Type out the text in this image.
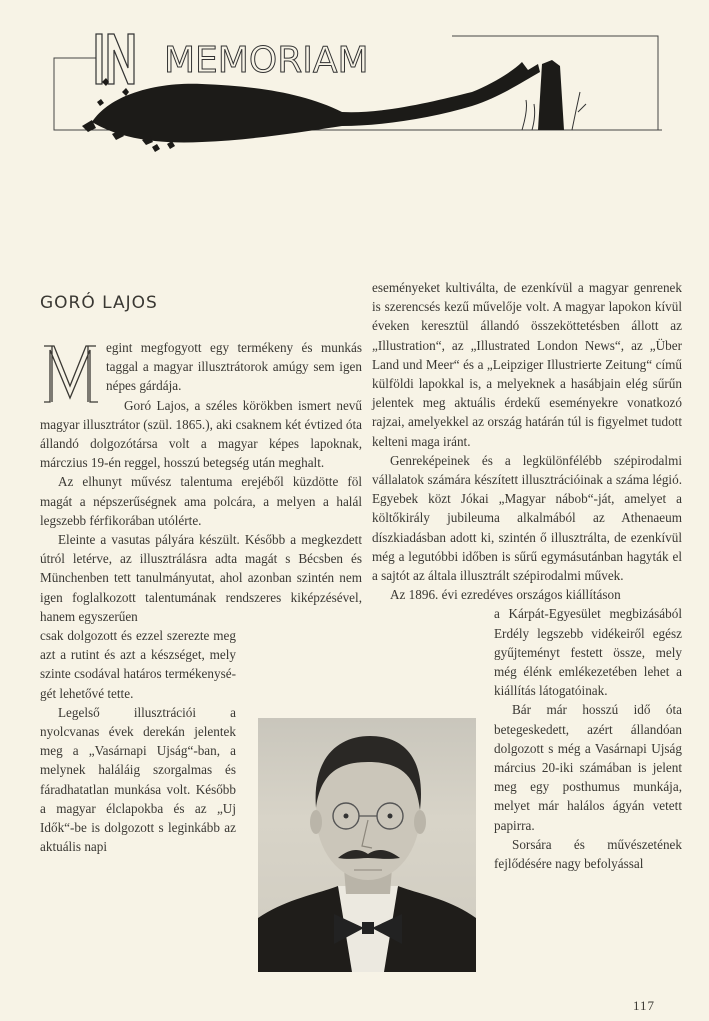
MEMORIAM
GORÓ LAJOS

egint megfogyott egy termékeny és munkás taggal a magyar illusztrátorok amúgy sem igen népes gárdája.

Goró Lajos, a széles körökben ismert nevű magyar illusztrátor (szül. 1865.), aki csaknem két évtized óta állandó dolgozótársa volt a magyar képes lapoknak, márczius 19-én reggel, hosszú betegség után meghalt.

Az elhunyt művész talentuma erejéből küzdötte föl magát a népszerűségnek ama polcára, a melyen a halál legszebb férfikorában utólérte.

Eleinte a vasutas pályára készült. Később a megkezdett útról letérve, az illusztrálásra adta magát s Bécsben és Münchenben tett tanulmányutat, ahol azonban szintén nem igen foglalkozott talentumának rendszeres kiképzésével, hanem egyszerűen

csak dolgozott és ezzel szerezte meg azt a rutint és azt a készséget, mely szinte csodával határos termékenységét lehetővé tette.

Legelső illusztrációi a nyolcvanas évek derekán jelentek meg a „Vasárnapi Ujság“-ban, a melynek haláláig szorgalmas és fáradhatatlan munkása volt. Később a magyar élclapokba és az „Uj Idők“-be is dolgozott s leginkább az aktuális napi

eseményeket kultiválta, de ezenkívül a magyar genrenek is szerencsés kezű művelője volt. A magyar lapokon kívül éveken keresztül állandó összeköttetésben állott az „Illustration“, az „Illustrated London News“, az „Über Land und Meer“ és a „Leipziger Illustrierte Zeitung“ című külföldi lapokkal is, a melyeknek a hasábjain elég sűrűn jelentek meg aktuális érdekű eseményekre vonatkozó rajzai, amelyekkel az ország határán túl is figyelmet tudott kelteni maga iránt.

Genreképeinek és a legkülönfélébb szépirodalmi vállalatok számára készített illusztrációinak a száma légió. Egyebek közt Jókai „Magyar nábob“-ját, amelyet a költőkirály jubileuma alkalmából az Athenaeum díszkiadásban adott ki, szintén ő illusztrálta, de ezenkívül még a legutóbbi időben is sűrű egymásutánban hagyták el a sajtót az általa illusztrált szépirodalmi művek.

Az 1896. évi ezredéves országos kiállításon

a Kárpát-Egyesület megbizásából Erdély legszebb vidékeiről egész gyűjteményt festett össze, mely még élénk emlékezetében lehet a kiállítás látogatóinak.

Bár már hosszú idő óta betegeskedett, azért állandóan dolgozott s még a Vasárnapi Ujság március 20-iki számában is jelent meg egy posthumus munkája, melyet már halálos ágyán vetett papirra.

Sorsára és művészetének fejlődésére nagy befolyással

117
